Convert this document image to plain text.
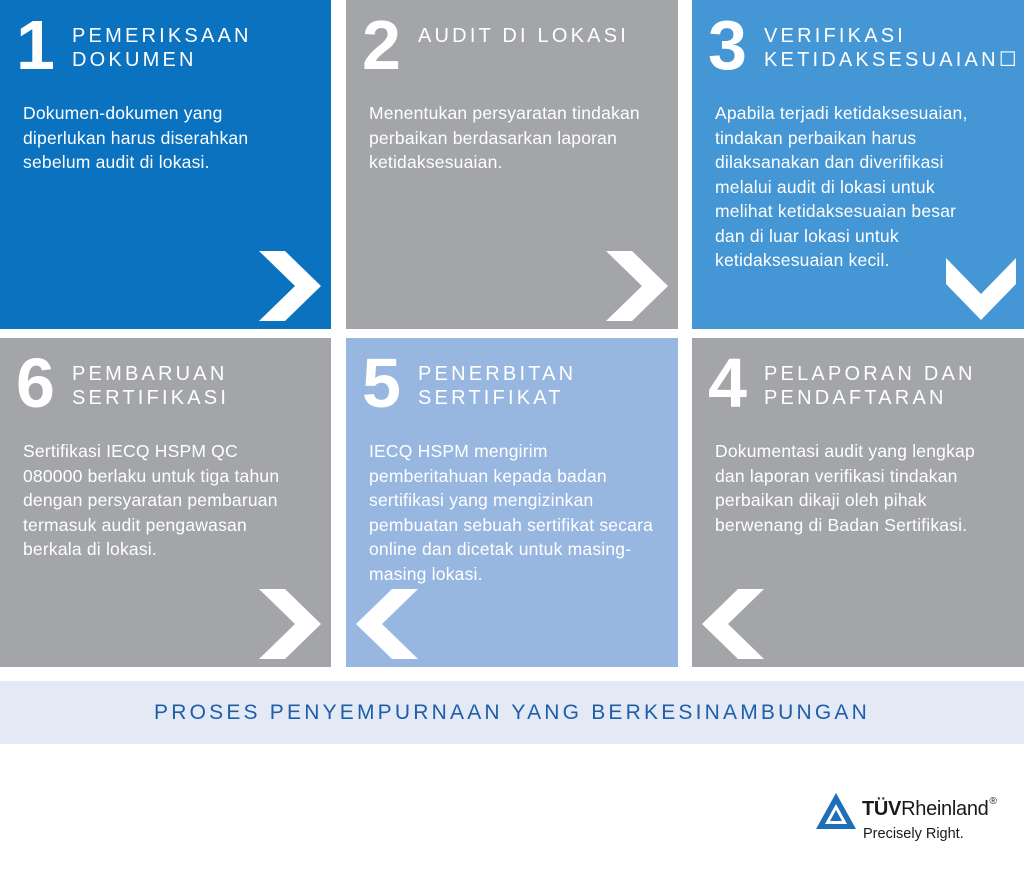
1 PEMERIKSAAN DOKUMEN
Dokumen-dokumen yang diperlukan harus diserahkan sebelum audit di lokasi.
2 AUDIT DI LOKASI
Menentukan persyaratan tindakan perbaikan berdasarkan laporan ketidaksesuaian.
3 VERIFIKASI KETIDAKSESUAIAN☐
Apabila terjadi ketidaksesuaian, tindakan perbaikan harus dilaksanakan dan diverifikasi melalui audit di lokasi untuk melihat ketidaksesuaian besar dan di luar lokasi untuk ketidaksesuaian kecil.
6 PEMBARUAN SERTIFIKASI
Sertifikasi IECQ HSPM QC 080000 berlaku untuk tiga tahun dengan persyaratan pembaruan termasuk audit pengawasan berkala di lokasi.
5 PENERBITAN SERTIFIKAT
IECQ HSPM mengirim pemberitahuan kepada badan sertifikasi yang mengizinkan pembuatan sebuah sertifikat secara online dan dicetak untuk masing-masing lokasi.
4 PELAPORAN DAN PENDAFTARAN
Dokumentasi audit yang lengkap dan laporan verifikasi tindakan perbaikan dikaji oleh pihak berwenang di Badan Sertifikasi.
PROSES PENYEMPURNAAN YANG BERKESINAMBUNGAN
TÜVRheinland®
Precisely Right.
